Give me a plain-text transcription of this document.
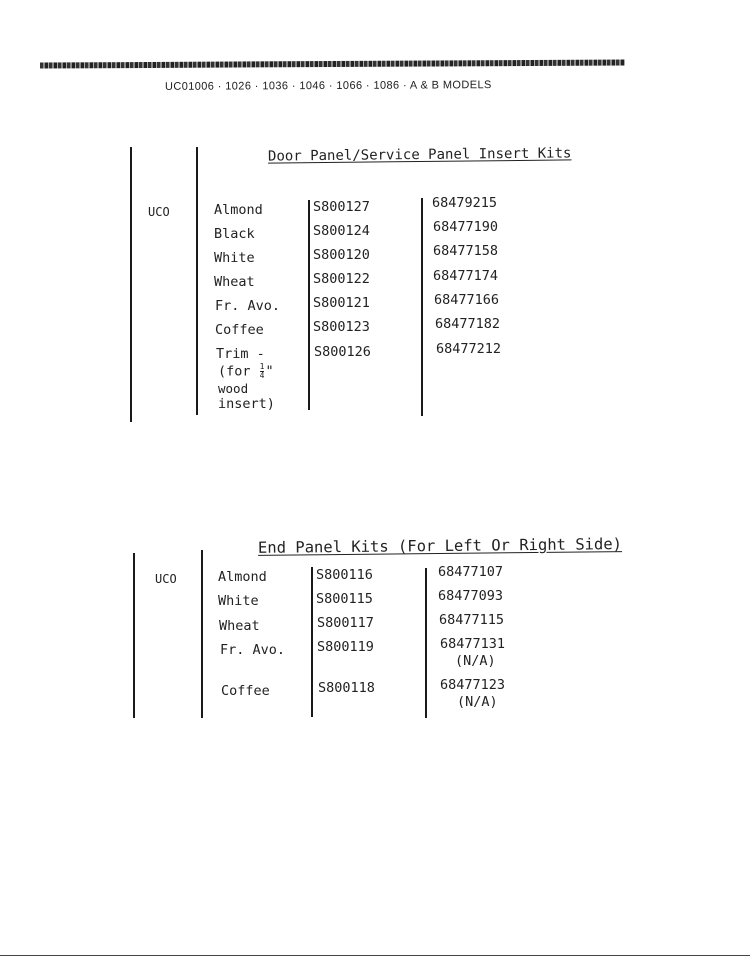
UC01006 · 1026 · 1036 · 1046 · 1066 · 1086 · A & B MODELS
Door Panel/Service Panel Insert Kits
UCO	Almond	S800127	68479215
Black	S800124	68477190
White	S800120	68477158
Wheat	S800122	68477174
Fr. Avo. S800121	68477166
Coffee	S800123	68477182
Trim -	S800126	68477212
($for \frac{1}{4}$ "
wood
insert)
End Panel Kits (For Left Or Right Side)
UCO	Almond	S800116	68477107
White	S800115	68477093
Wheat	S800117	68477115
Fr. Avo. S800119	68477131
(N/A)
Coffee	S800118	68477123
(N/A)
